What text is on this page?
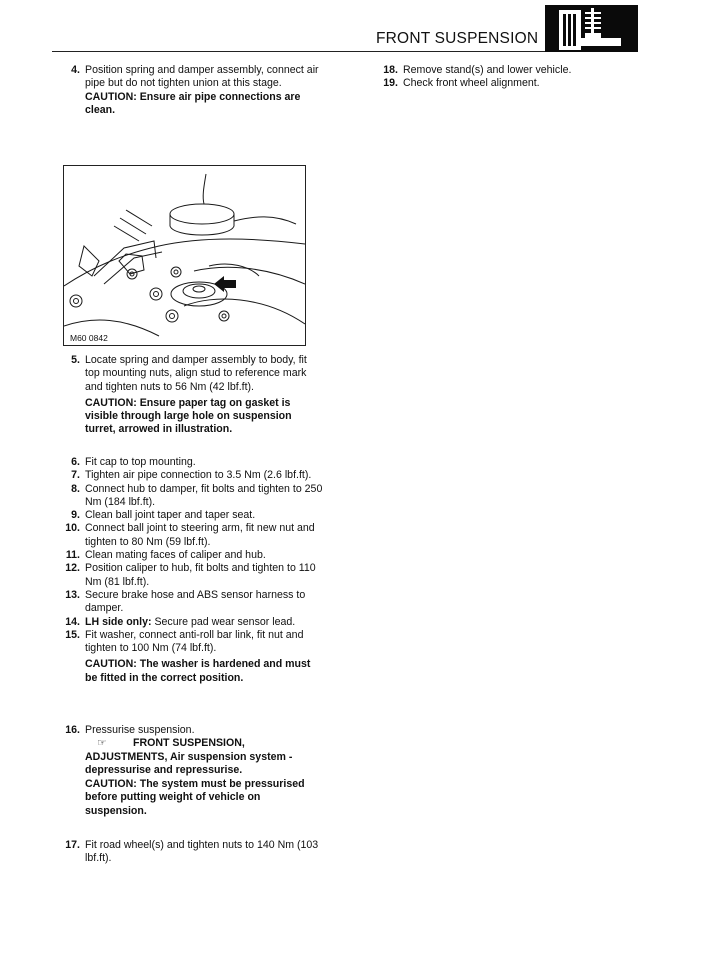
FRONT SUSPENSION
4. Position spring and damper assembly, connect air pipe but do not tighten union at this stage.
CAUTION: Ensure air pipe connections are clean.
M60 0842
5. Locate spring and damper assembly to body, fit top mounting nuts, align stud to reference mark and tighten nuts to 56 Nm (42 lbf.ft).
CAUTION: Ensure paper tag on gasket is visible through large hole on suspension turret, arrowed in illustration.
6. Fit cap to top mounting.
7. Tighten air pipe connection to 3.5 Nm (2.6 lbf.ft).
8. Connect hub to damper, fit bolts and tighten to 250 Nm (184 lbf.ft).
9. Clean ball joint taper and taper seat.
10. Connect ball joint to steering arm, fit new nut and tighten to 80 Nm (59 lbf.ft).
11. Clean mating faces of caliper and hub.
12. Position caliper to hub, fit bolts and tighten to 110 Nm (81 lbf.ft).
13. Secure brake hose and ABS sensor harness to damper.
14. LH side only: Secure pad wear sensor lead.
15. Fit washer, connect anti-roll bar link, fit nut and tighten to 100 Nm (74 lbf.ft).
CAUTION: The washer is hardened and must be fitted in the correct position.
16. Pressurise suspension.
☞	FRONT SUSPENSION, ADJUSTMENTS, Air suspension system - depressurise and repressurise.
CAUTION: The system must be pressurised before putting weight of vehicle on suspension.
17. Fit road wheel(s) and tighten nuts to 140 Nm (103 lbf.ft).
18. Remove stand(s) and lower vehicle.
19. Check front wheel alignment.
